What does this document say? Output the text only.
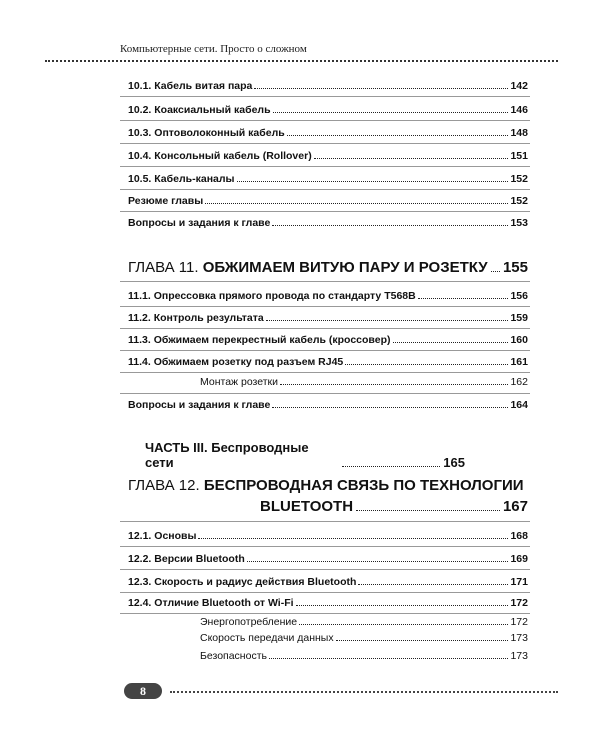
Компьютерные сети. Просто о сложном
10.1. Кабель витая пара	142
10.2. Коаксиальный кабель	146
10.3. Оптоволоконный кабель	148
10.4. Консольный кабель (Rollover)	151
10.5. Кабель-каналы	152
Резюме главы	152
Вопросы и задания к главе	153
ГЛАВА 11. ОБЖИМАЕМ ВИТУЮ ПАРУ И РОЗЕТКУ 155
11.1. Опрессовка прямого провода по стандарту T568B	156
11.2. Контроль результата	159
11.3. Обжимаем перекрестный кабель (кроссовер)	160
11.4. Обжимаем розетку под разъем RJ45	161
Монтаж розетки	162
Вопросы и задания к главе	164
ЧАСТЬ III. Беспроводные сети	165
ГЛАВА 12. БЕСПРОВОДНАЯ СВЯЗЬ ПО ТЕХНОЛОГИИ
BLUETOOTH	167
12.1. Основы	168
12.2. Версии Bluetooth	169
12.3. Скорость и радиус действия Bluetooth	171
12.4. Отличие Bluetooth от Wi-Fi	172
Энергопотребление	172
Скорость передачи данных	173
Безопасность	173
8
